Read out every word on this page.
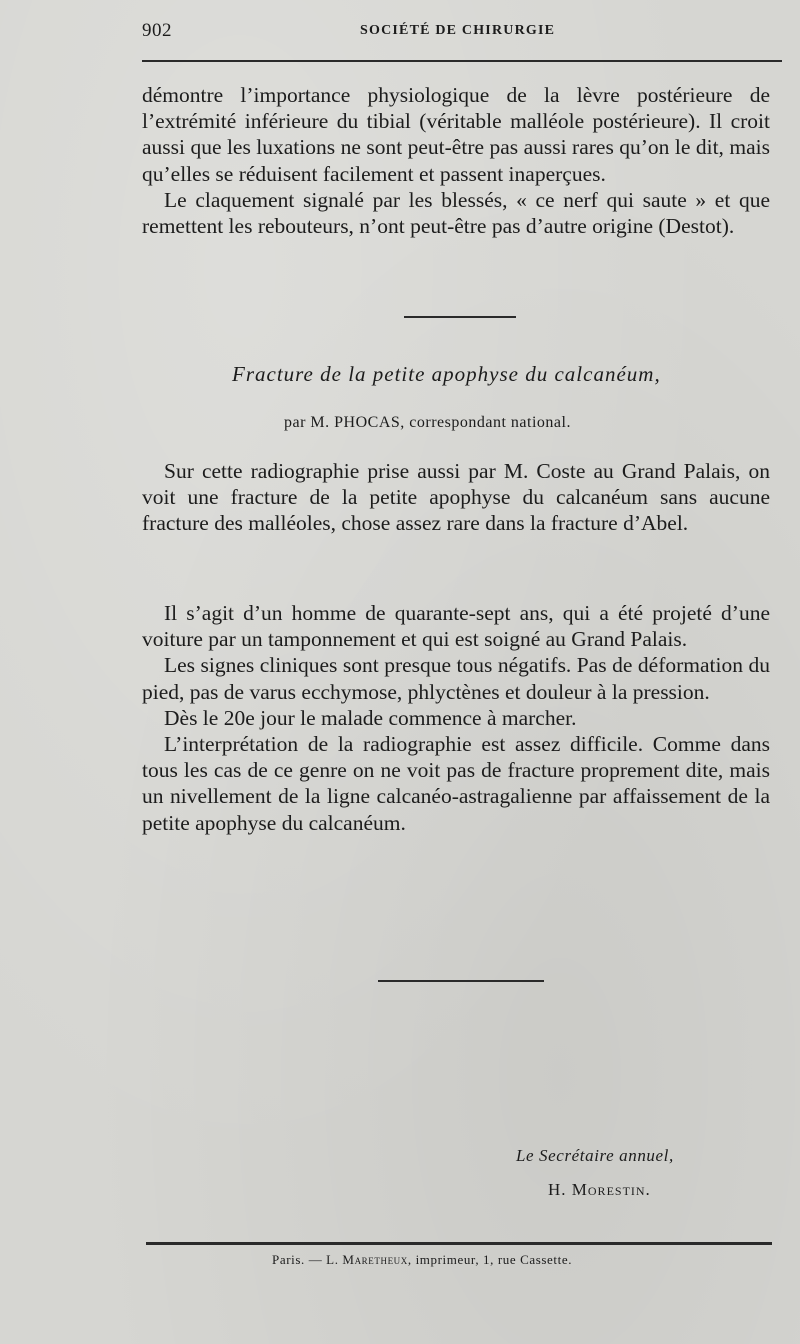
902	SOCIÉTÉ DE CHIRURGIE

démontre l’importance physiologique de la lèvre postérieure de l’extrémité inférieure du tibial (véritable malléole postérieure). Il croit aussi que les luxations ne sont peut-être pas aussi rares qu’on le dit, mais qu’elles se réduisent facilement et passent inaperçues.

Le claquement signalé par les blessés, « ce nerf qui saute » et que remettent les rebouteurs, n’ont peut-être pas d’autre origine (Destot).

Fracture de la petite apophyse du calcanéum,
par M. PHOCAS, correspondant national.

Sur cette radiographie prise aussi par M. Coste au Grand Palais, on voit une fracture de la petite apophyse du calcanéum sans aucune fracture des malléoles, chose assez rare dans la fracture d’Abel.

Il s’agit d’un homme de quarante-sept ans, qui a été projeté d’une voiture par un tamponnement et qui est soigné au Grand Palais.

Les signes cliniques sont presque tous négatifs. Pas de déformation du pied, pas de varus ecchymose, phlyctènes et douleur à la pression.

Dès le 20e jour le malade commence à marcher.

L’interprétation de la radiographie est assez difficile. Comme dans tous les cas de ce genre on ne voit pas de fracture proprement dite, mais un nivellement de la ligne calcanéo-astragalienne par affaissement de la petite apophyse du calcanéum.

Le Secrétaire annuel,
H. Morestin.
Paris. — L. Maretheux, imprimeur, 1, rue Cassette.
